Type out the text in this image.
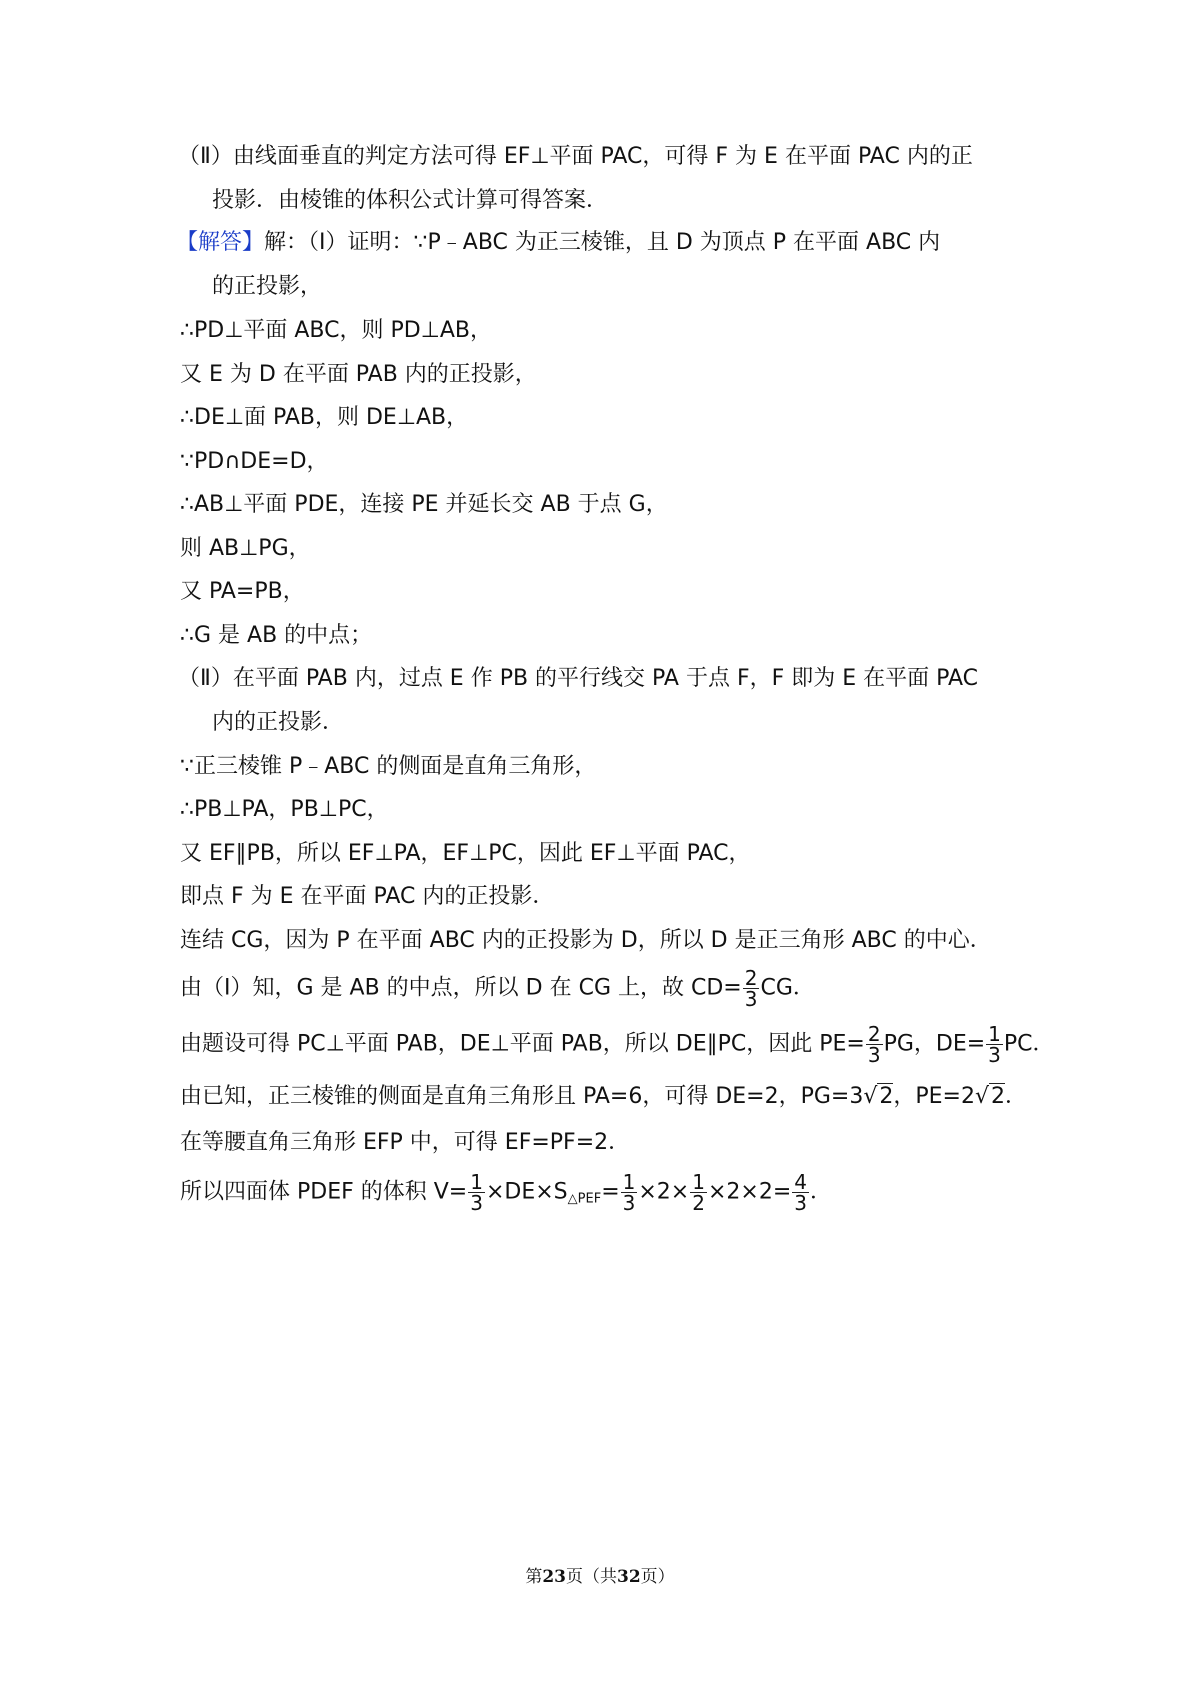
（Ⅱ）由线面垂直的判定方法可得 EF⊥平面 PAC，可得 F 为 E 在平面 PAC 内的正
投影．由棱锥的体积公式计算可得答案．
【解答】解：（Ⅰ）证明：∵P﹣ABC 为正三棱锥，且 D 为顶点 P 在平面 ABC 内
的正投影，
∴PD⊥平面 ABC，则 PD⊥AB，
又 E 为 D 在平面 PAB 内的正投影，
∴DE⊥面 PAB，则 DE⊥AB，
∵PD∩DE=D，
∴AB⊥平面 PDE，连接 PE 并延长交 AB 于点 G，
则 AB⊥PG，
又 PA=PB，
∴G 是 AB 的中点；
（Ⅱ）在平面 PAB 内，过点 E 作 PB 的平行线交 PA 于点 F，F 即为 E 在平面 PAC
内的正投影．
∵正三棱锥 P﹣ABC 的侧面是直角三角形，
∴PB⊥PA，PB⊥PC，
又 EF∥PB，所以 EF⊥PA，EF⊥PC，因此 EF⊥平面 PAC，
即点 F 为 E 在平面 PAC 内的正投影．
连结 CG，因为 P 在平面 ABC 内的正投影为 D，所以 D 是正三角形 ABC 的中心．
由（Ⅰ）知，G 是 AB 的中点，所以 D 在 CG 上，故 $CD= \frac{2}{3}$ CG．
由题设可得 PC⊥平面 PAB，DE⊥平面 PAB，所以 DE∥PC，因此 $PE= \frac{2}{3}$ PG，$DE= \frac{1}{3}$ PC．
由已知，正三棱锥的侧面是直角三角形且 PA=6，可得 DE=2，PG=3√2，PE=2√2．
在等腰直角三角形 EFP 中，可得 EF=PF=2．
所以四面体 PDEF 的体积 $V= \frac{1}{3} \times DE\times S_{\triangle PEF}= \frac{1}{3} \times 2\times \frac{1}{2} \times 2\times 2= \frac{4}{3}$ ．
第23页（共32页）
